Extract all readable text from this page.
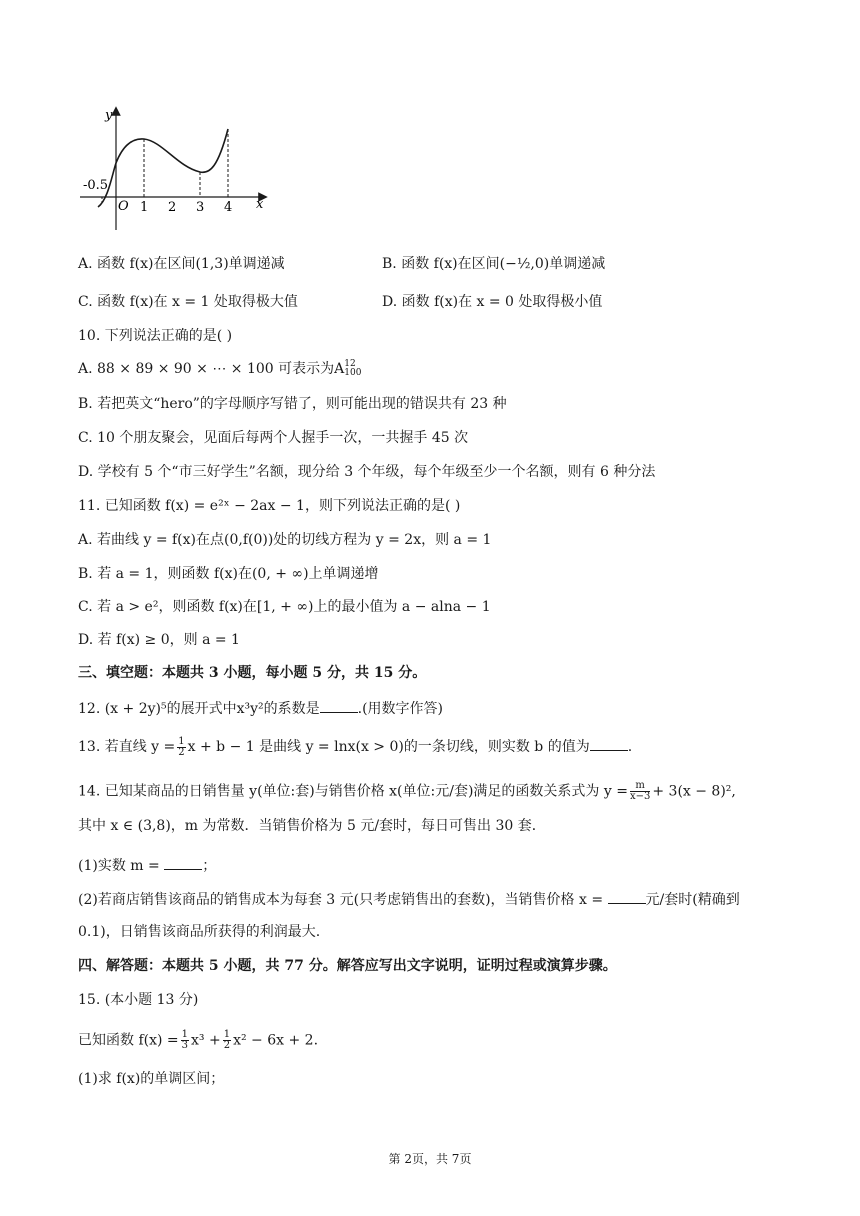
y
x
O
-0.5
1 2 3 4
A. 函数 f(x)在区间(1,3)单调递减	B. 函数 f(x)在区间(−½,0)单调递减
C. 函数 f(x)在 x = 1 处取得极大值	D. 函数 f(x)在 x = 0 处取得极小值
10. 下列说法正确的是( )
A. 88 × 89 × 90 × ⋯ × 100 可表示为A 12
100
B. 若把英文“hero”的字母顺序写错了，则可能出现的错误共有 23 种
C. 10 个朋友聚会，见面后每两个人握手一次，一共握手 45 次
D. 学校有 5 个“市三好学生”名额，现分给 3 个年级，每个年级至少一个名额，则有 6 种分法
11. 已知函数 f(x) = e²ˣ − 2ax − 1，则下列说法正确的是( )
A. 若曲线 y = f(x)在点(0,f(0))处的切线方程为 y = 2x，则 a = 1
B. 若 a = 1，则函数 f(x)在(0, + ∞)上单调递增
C. 若 a > e²，则函数 f(x)在[1, + ∞)上的最小值为 a − alna − 1
D. 若 f(x) ≥ 0，则 a = 1
三、填空题：本题共 3 小题，每小题 5 分，共 15 分。
12. (x + 2y)⁵的展开式中x³y²的系数是	.(用数字作答)
13. 若直线 $y = \frac{1}{2}$ x + b − 1 是曲线 y = lnx(x > 0)的一条切线，则实数 b 的值为	.
14. 已知某商品的日销售量 y(单位:套)与销售价格 x(单位:元/套)满足的函数关系式为 $y = \frac{m}{x-3} + 3(x - 8)^2$,
其中 x ∈ (3,8)，m 为常数．当销售价格为 5 元/套时，每日可售出 30 套．
(1)实数 m =	；
(2)若商店销售该商品的销售成本为每套 3 元(只考虑销售出的套数)，当销售价格 x =	元/套时(精确到
0.1)，日销售该商品所获得的利润最大.
四、解答题：本题共 5 小题，共 77 分。解答应写出文字说明，证明过程或演算步骤。
15. (本小题 13 分)
已知函数 $f(x) = \frac{1}{3} x^3 + \frac{1}{2} x^2 - 6x + 2$.
(1)求 f(x)的单调区间；
第 2页，共 7页
